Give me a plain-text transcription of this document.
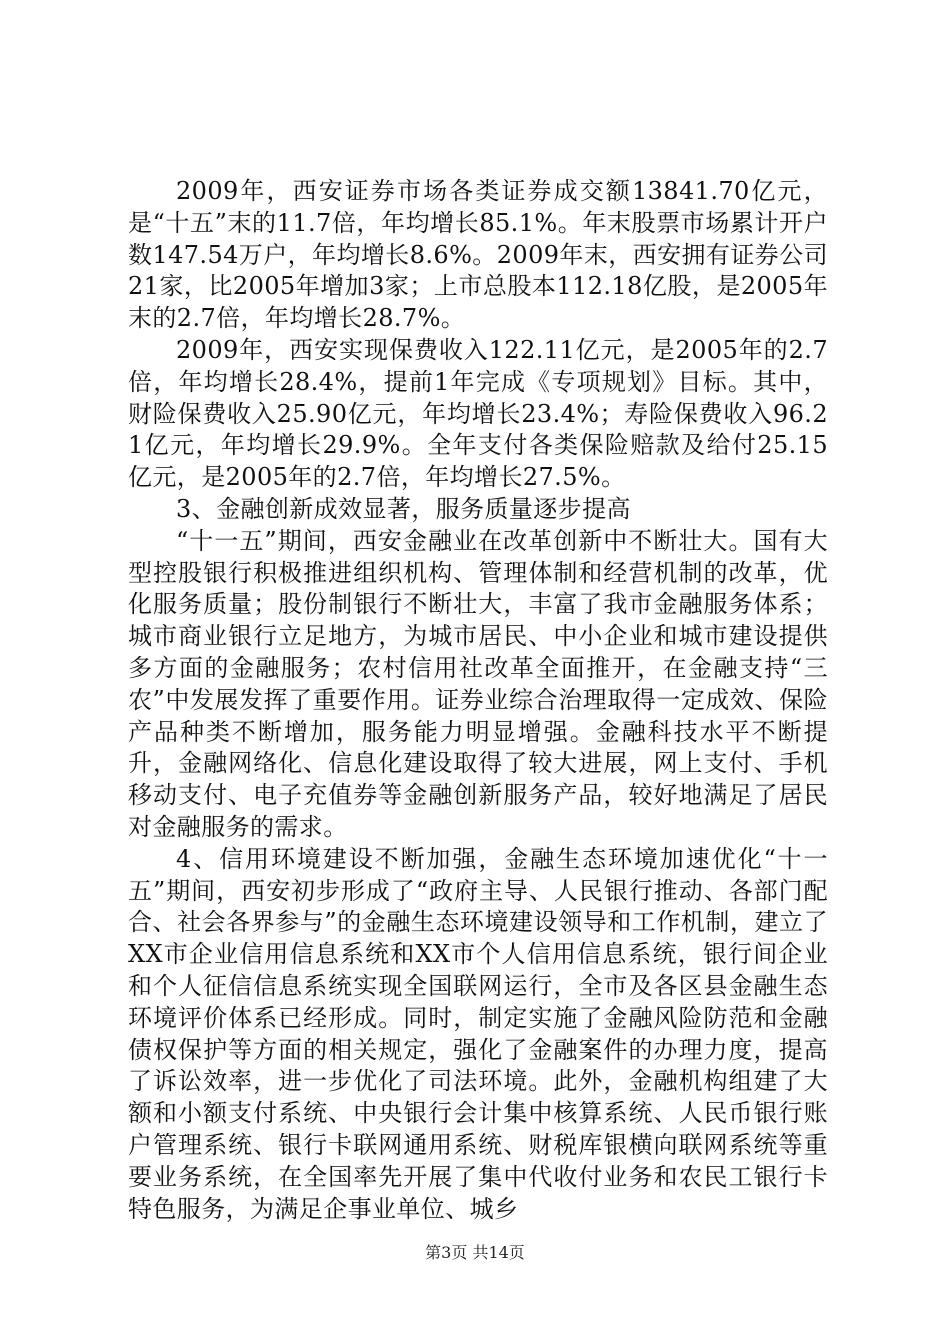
2009年，西安证券市场各类证券成交额13841.70亿元，是“十五”末的11.7倍，年均增长85.1%。年末股票市场累计开户数147.54万户，年均增长8.6%。2009年末，西安拥有证券公司21家，比2005年增加3家；上市总股本112.18亿股，是2005年末的2.7倍，年均增长28.7%。

2009年，西安实现保费收入122.11亿元，是2005年的2.7倍，年均增长28.4%，提前1年完成《专项规划》目标。其中，财险保费收入25.90亿元，年均增长23.4%；寿险保费收入96.21亿元，年均增长29.9%。全年支付各类保险赔款及给付25.15亿元，是2005年的2.7倍，年均增长27.5%。

3、金融创新成效显著，服务质量逐步提高

“十一五”期间，西安金融业在改革创新中不断壮大。国有大型控股银行积极推进组织机构、管理体制和经营机制的改革，优化服务质量；股份制银行不断壮大，丰富了我市金融服务体系；城市商业银行立足地方，为城市居民、中小企业和城市建设提供多方面的金融服务；农村信用社改革全面推开，在金融支持“三农”中发展发挥了重要作用。证券业综合治理取得一定成效、保险产品种类不断增加，服务能力明显增强。金融科技水平不断提升，金融网络化、信息化建设取得了较大进展，网上支付、手机移动支付、电子充值券等金融创新服务产品，较好地满足了居民对金融服务的需求。

4、信用环境建设不断加强，金融生态环境加速优化“十一五”期间，西安初步形成了“政府主导、人民银行推动、各部门配合、社会各界参与”的金融生态环境建设领导和工作机制，建立了XX市企业信用信息系统和XX市个人信用信息系统，银行间企业和个人征信信息系统实现全国联网运行，全市及各区县金融生态环境评价体系已经形成。同时，制定实施了金融风险防范和金融债权保护等方面的相关规定，强化了金融案件的办理力度，提高了诉讼效率，进一步优化了司法环境。此外，金融机构组建了大额和小额支付系统、中央银行会计集中核算系统、人民币银行账户管理系统、银行卡联网通用系统、财税库银横向联网系统等重要业务系统，在全国率先开展了集中代收付业务和农民工银行卡特色服务，为满足企事业单位、城乡

第3页 共14页
